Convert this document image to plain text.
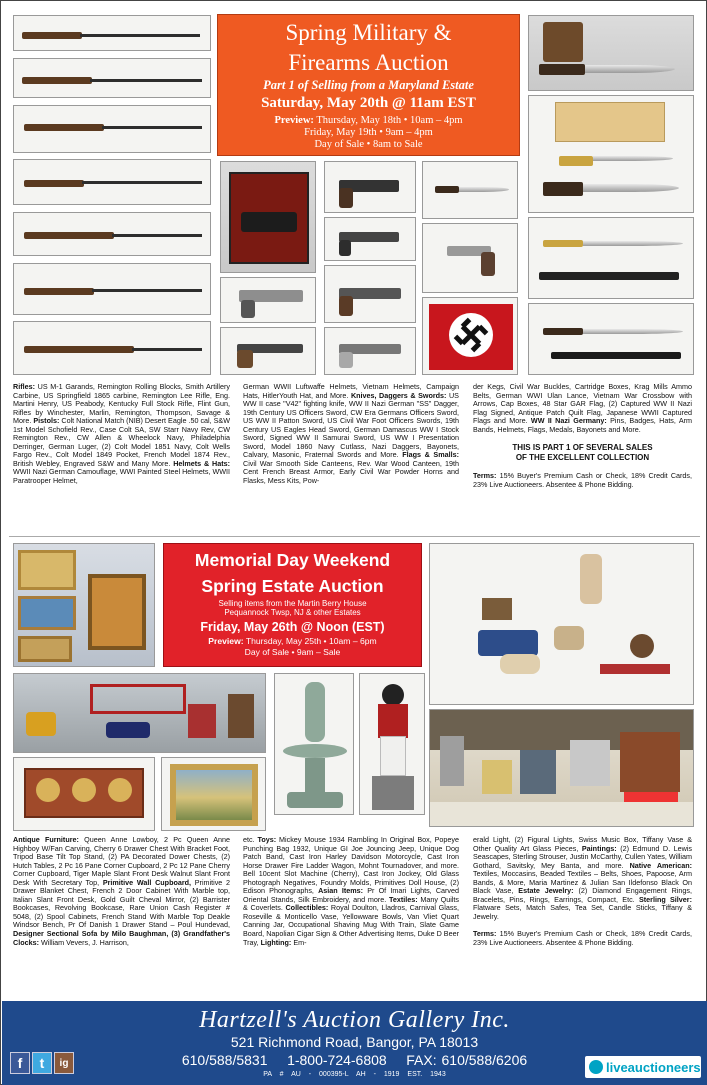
Spring Military &
Firearms Auction
Part 1 of Selling from a Maryland Estate
Saturday, May 20th @ 11am EST
Preview: Thursday, May 18th • 10am – 4pm
Friday, May 19th • 9am – 4pm
Day of Sale • 8am to Sale
Rifles: US M-1 Garands, Remington Rolling Blocks, Smith Artillery Carbine, US Springfield 1865 carbine, Remington Lee Rifle, Eng. Martini Henry, US Peabody, Kentucky Full Stock Rifle, Flint Gun, Rifles by Winchester, Marlin, Remington, Thompson, Savage & More. Pistols: Colt National Match (NIB) Desert Eagle .50 cal, S&W 1st Model Schofield Rev., Case Colt SA, SW Starr Navy Rev, CW Remington Rev., CW Allen & Wheelock Navy, Philadelphia Derringer, German Luger, (2) Colt Model 1851 Navy, Colt Wells Fargo Rev., Colt Model 1849 Pocket, French Model 1874 Rev., British Webley, Engraved S&W and Many More. Helmets & Hats: WWII Nazi German Camouflage, WWI Painted Steel Helmets, WWII Paratrooper Helmet,
German WWII Luftwaffe Helmets, Vietnam Helmets, Campaign Hats, HitlerYouth Hat, and More. Knives, Daggers & Swords: US WW II case "V42" fighting knife, WW II Nazi German "SS" Dagger, 19th Century US Officers Sword, CW Era Germans Officers Sword, US WW II Patton Sword, US Civil War Foot Officers Swords, 19th Century US Eagles Head Sword, German Damascus WW I Stock Sword, Signed WW II Samurai Sword, US WW I Presentation Sword, Model 1860 Navy Cutlass, Nazi Daggers, Bayonets, Calvary, Masonic, Fraternal Swords and More. Flags & Smalls: Civil War Smooth Side Canteens, Rev. War Wood Canteen, 19th Cent French Breast Armor, Early Civil War Powder Horns and Flasks, Mess Kits, Pow-
der Kegs, Civil War Buckles, Cartridge Boxes, Krag Mills Ammo Belts, German WWI Ulan Lance, Vietnam War Crossbow with Arrows, Cap Boxes, 48 Star GAR Flag, (2) Captured WW II Nazi Flag Signed, Antique Patch Quilt Flag, Japanese WWII Captured Flags and More. WW II Nazi Germany: Pins, Badges, Hats, Arm Bands, Helmets, Flags, Medals, Bayonets and More.
THIS IS PART 1 OF SEVERAL SALES
OF THE EXCELLENT COLLECTION
Terms: 15% Buyer's Premium Cash or Check, 18% Credit Cards, 23% Live Auctioneers. Absentee & Phone Bidding.
Memorial Day Weekend
Spring Estate Auction
Selling items from the Martin Berry House
Pequannock Twsp, NJ & other Estates
Friday, May 26th @ Noon (EST)
Preview: Thursday, May 25th • 10am – 6pm
Day of Sale • 9am – Sale
Antique Furniture: Queen Anne Lowboy, 2 Pc Queen Anne Highboy W/Fan Carving, Cherry 6 Drawer Chest With Bracket Foot, Tripod Base Tilt Top Stand, (2) PA Decorated Dower Chests, (2) Hutch Tables, 2 Pc 16 Pane Corner Cupboard, 2 Pc 12 Pane Cherry Corner Cupboard, Tiger Maple Slant Front Desk Walnut Slant Front Desk With Secretary Top, Primitive Wall Cupboard, Primitive 2 Drawer Blanket Chest, French 2 Door Cabinet With Marble top, Italian Slant Front Desk, Gold Guilt Cheval Mirror, (2) Barrister Bookcases, Revolving Bookcase, Rare Union Cash Register # 5048, (2) Spool Cabinets, French Stand With Marble Top Deakle Windsor Bench, Pr Of Danish 1 Drawer Stand – Poul Hundevad, Designer Sectional Sofa by Milo Baughman, (3) Grandfather's Clocks: William Vevers, J. Harrison,
etc. Toys: Mickey Mouse 1934 Rambling In Original Box, Popeye Punching Bag 1932, Unique GI Joe Jouncing Jeep, Unique Dog Patch Band, Cast Iron Harley Davidson Motorcycle, Cast Iron Horse Drawer Fire Ladder Wagon, Mohnt Tournadover, and more. Bell 10cent Slot Machine (Cherry), Cast Iron Jockey, Old Glass Photograph Negatives, Foundry Molds, Primitives Doll House, (2) Edison Phonographs, Asian Items: Pr Of Imari Lights, Carved Oriental Stands, Silk Embroidery, and more. Textiles: Many Quilts & Coverlets. Collectibles: Royal Doulton, Lladros, Carnival Glass, Roseville & Monticello Vase, Yellowware Bowls, Van Vliet Quart Canning Jar, Occupational Shaving Mug With Train, Slate Game Board, Napolian Cigar Sign & Other Advertising Items, Duke D Beer Tray, Lighting: Em-
erald Light, (2) Figural Lights, Swiss Music Box, Tiffany Vase & Other Quality Art Glass Pieces, Paintings: (2) Edmund D. Lewis Seascapes, Sterling Strouser, Justin McCarthy, Cullen Yates, William Gothard, Savitsky, Mey Banta, and more. Native American: Textiles, Moccasins, Beaded Textiles – Belts, Shoes, Papoose, Arm Bands, & More, Maria Martinez & Julian San Ildefonso Black On Black Vase, Estate Jewelry: (2) Diamond Engagement Rings, Bracelets, Pins, Rings, Earrings, Compact, Etc. Sterling Silver: Flatware Sets, Match Safes, Tea Set, Candle Sticks, Tiffany & Jewelry.
Terms: 15% Buyer's Premium Cash or Check, 18% Credit Cards, 23% Live Auctioneers. Absentee & Phone Bidding.
Hartzell's Auction Gallery Inc.
521 Richmond Road, Bangor, PA 18013
610/588/5831 1-800-724-6808 FAX: 610/588/6206
PA # AU - 000395-L AH - 1919 EST. 1943
f	t	ig	liveauctioneers
